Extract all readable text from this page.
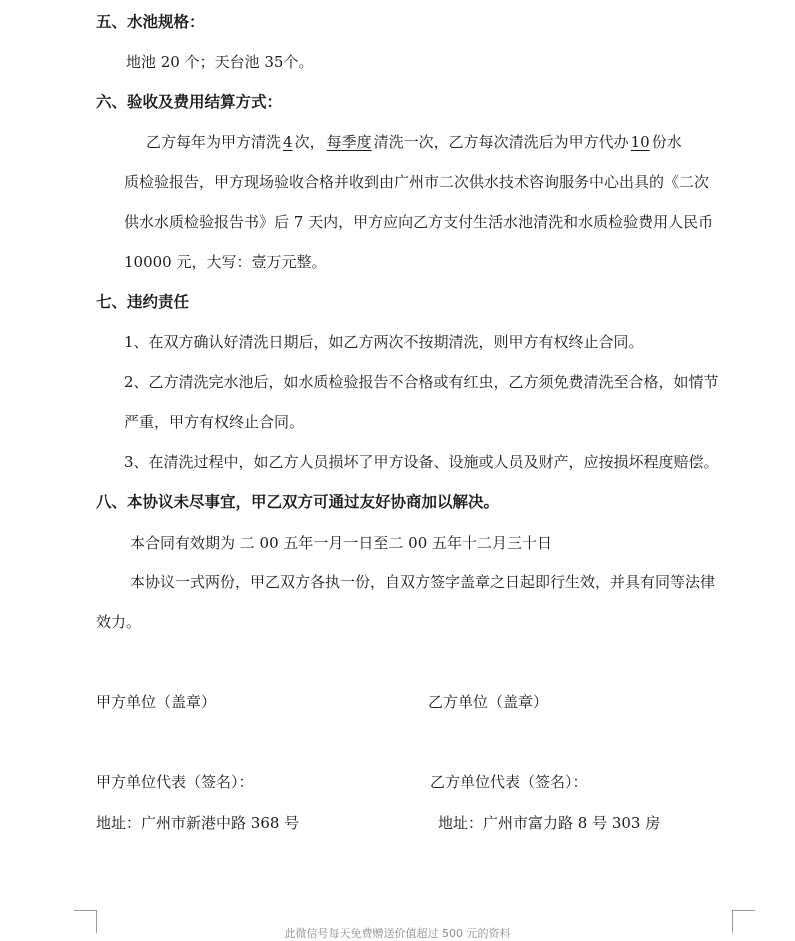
五、水池规格：
地池 20 个；天台池 35个。
六、验收及费用结算方式：
乙方每年为甲方清洗 4 次， 每季度 清洗一次，乙方每次清洗后为甲方代办 10 份水
质检验报告，甲方现场验收合格并收到由广州市二次供水技术咨询服务中心出具的《二次
供水水质检验报告书》后 7 天内，甲方应向乙方支付生活水池清洗和水质检验费用人民币
10000 元，大写：壹万元整。
七、违约责任
1、在双方确认好清洗日期后，如乙方两次不按期清洗，则甲方有权终止合同。
2、乙方清洗完水池后，如水质检验报告不合格或有红虫，乙方须免费清洗至合格，如情节
严重，甲方有权终止合同。
3、在清洗过程中，如乙方人员损坏了甲方设备、设施或人员及财产，应按损坏程度赔偿。
八、本协议未尽事宜，甲乙双方可通过友好协商加以解决。
本合同有效期为 二 00 五年一月一日至二 00 五年十二月三十日
本协议一式两份，甲乙双方各执一份，自双方签字盖章之日起即行生效，并具有同等法律
效力。
甲方单位（盖章）	乙方单位（盖章）
甲方单位代表（签名）：	乙方单位代表（签名）：
地址：广州市新港中路 368 号	地址：广州市富力路 8 号 303 房
此微信号每天免费赠送价值超过 500 元的资料
